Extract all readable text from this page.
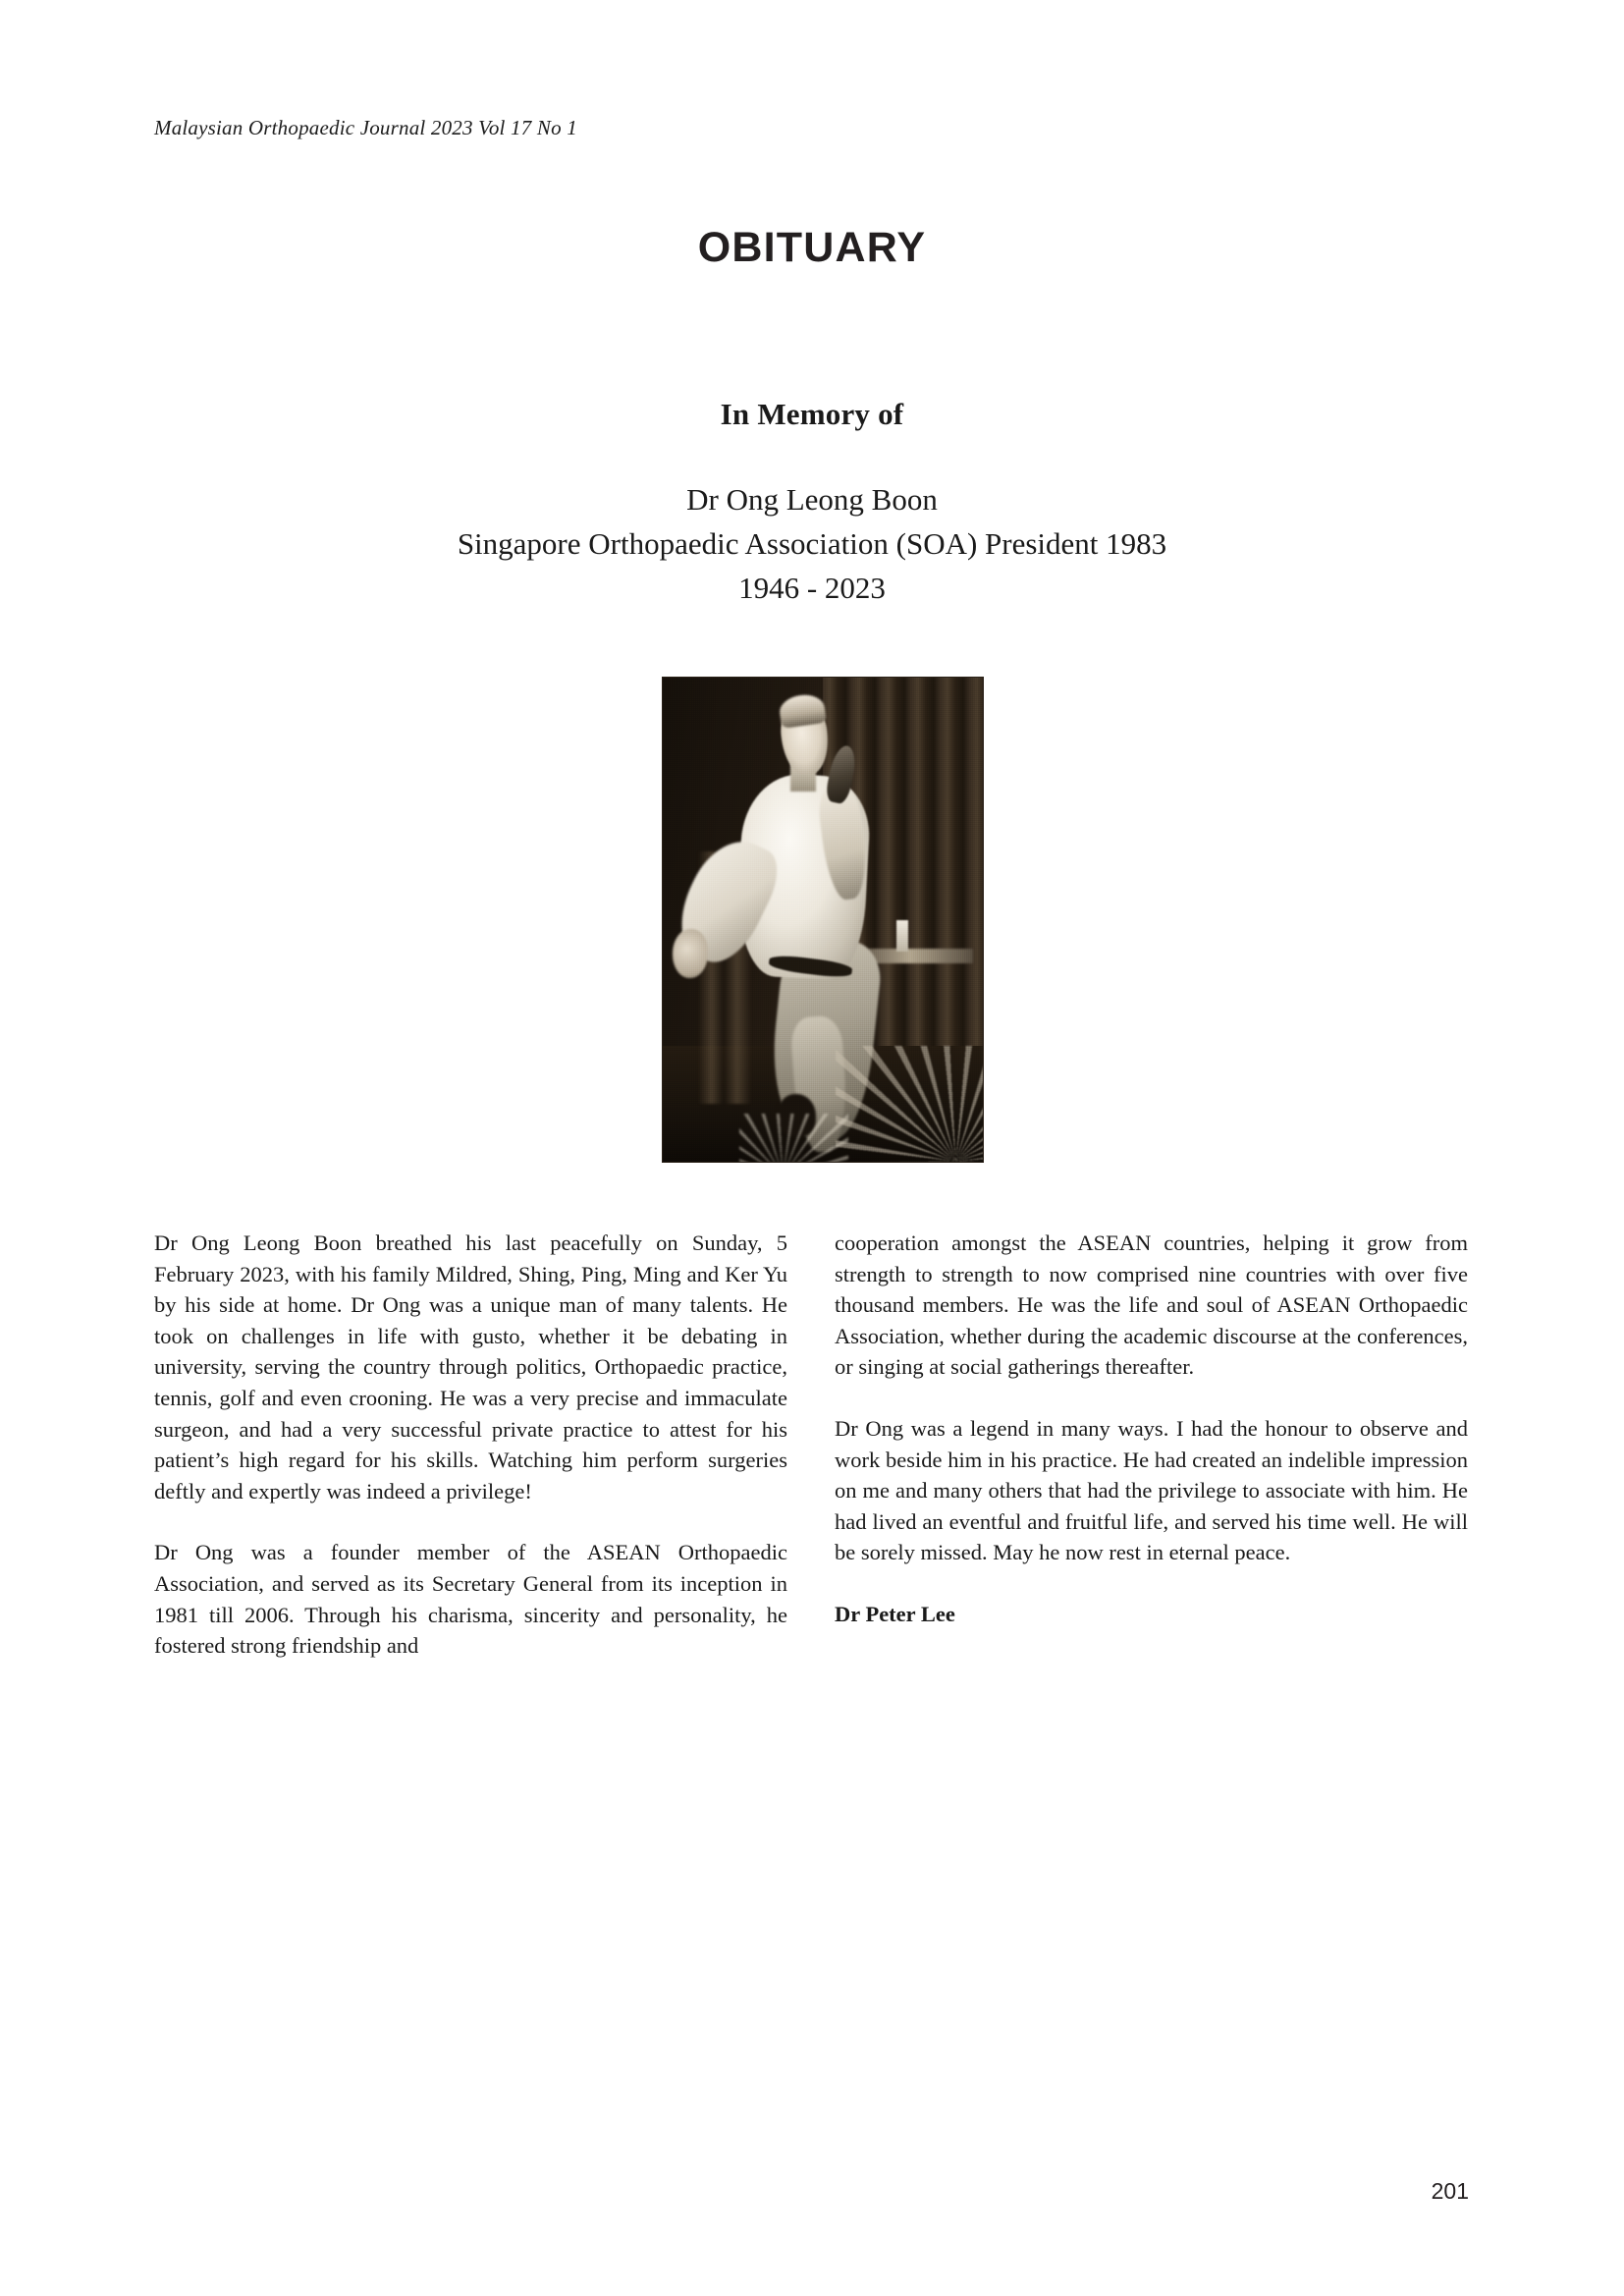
Malaysian Orthopaedic Journal 2023 Vol 17 No 1
OBITUARY
In Memory of
Dr Ong Leong Boon
Singapore Orthopaedic Association (SOA) President 1983
1946 - 2023

Dr Ong Leong Boon breathed his last peacefully on Sunday, 5 February 2023, with his family Mildred, Shing, Ping, Ming and Ker Yu by his side at home. Dr Ong was a unique man of many talents. He took on challenges in life with gusto, whether it be debating in university, serving the country through politics, Orthopaedic practice, tennis, golf and even crooning. He was a very precise and immaculate surgeon, and had a very successful private practice to attest for his patient’s high regard for his skills. Watching him perform surgeries deftly and expertly was indeed a privilege!

Dr Ong was a founder member of the ASEAN Orthopaedic Association, and served as its Secretary General from its inception in 1981 till 2006. Through his charisma, sincerity and personality, he fostered strong friendship and

cooperation amongst the ASEAN countries, helping it grow from strength to strength to now comprised nine countries with over five thousand members. He was the life and soul of ASEAN Orthopaedic Association, whether during the academic discourse at the conferences, or singing at social gatherings thereafter.

Dr Ong was a legend in many ways. I had the honour to observe and work beside him in his practice. He had created an indelible impression on me and many others that had the privilege to associate with him. He had lived an eventful and fruitful life, and served his time well. He will be sorely missed. May he now rest in eternal peace.

Dr Peter Lee

201
